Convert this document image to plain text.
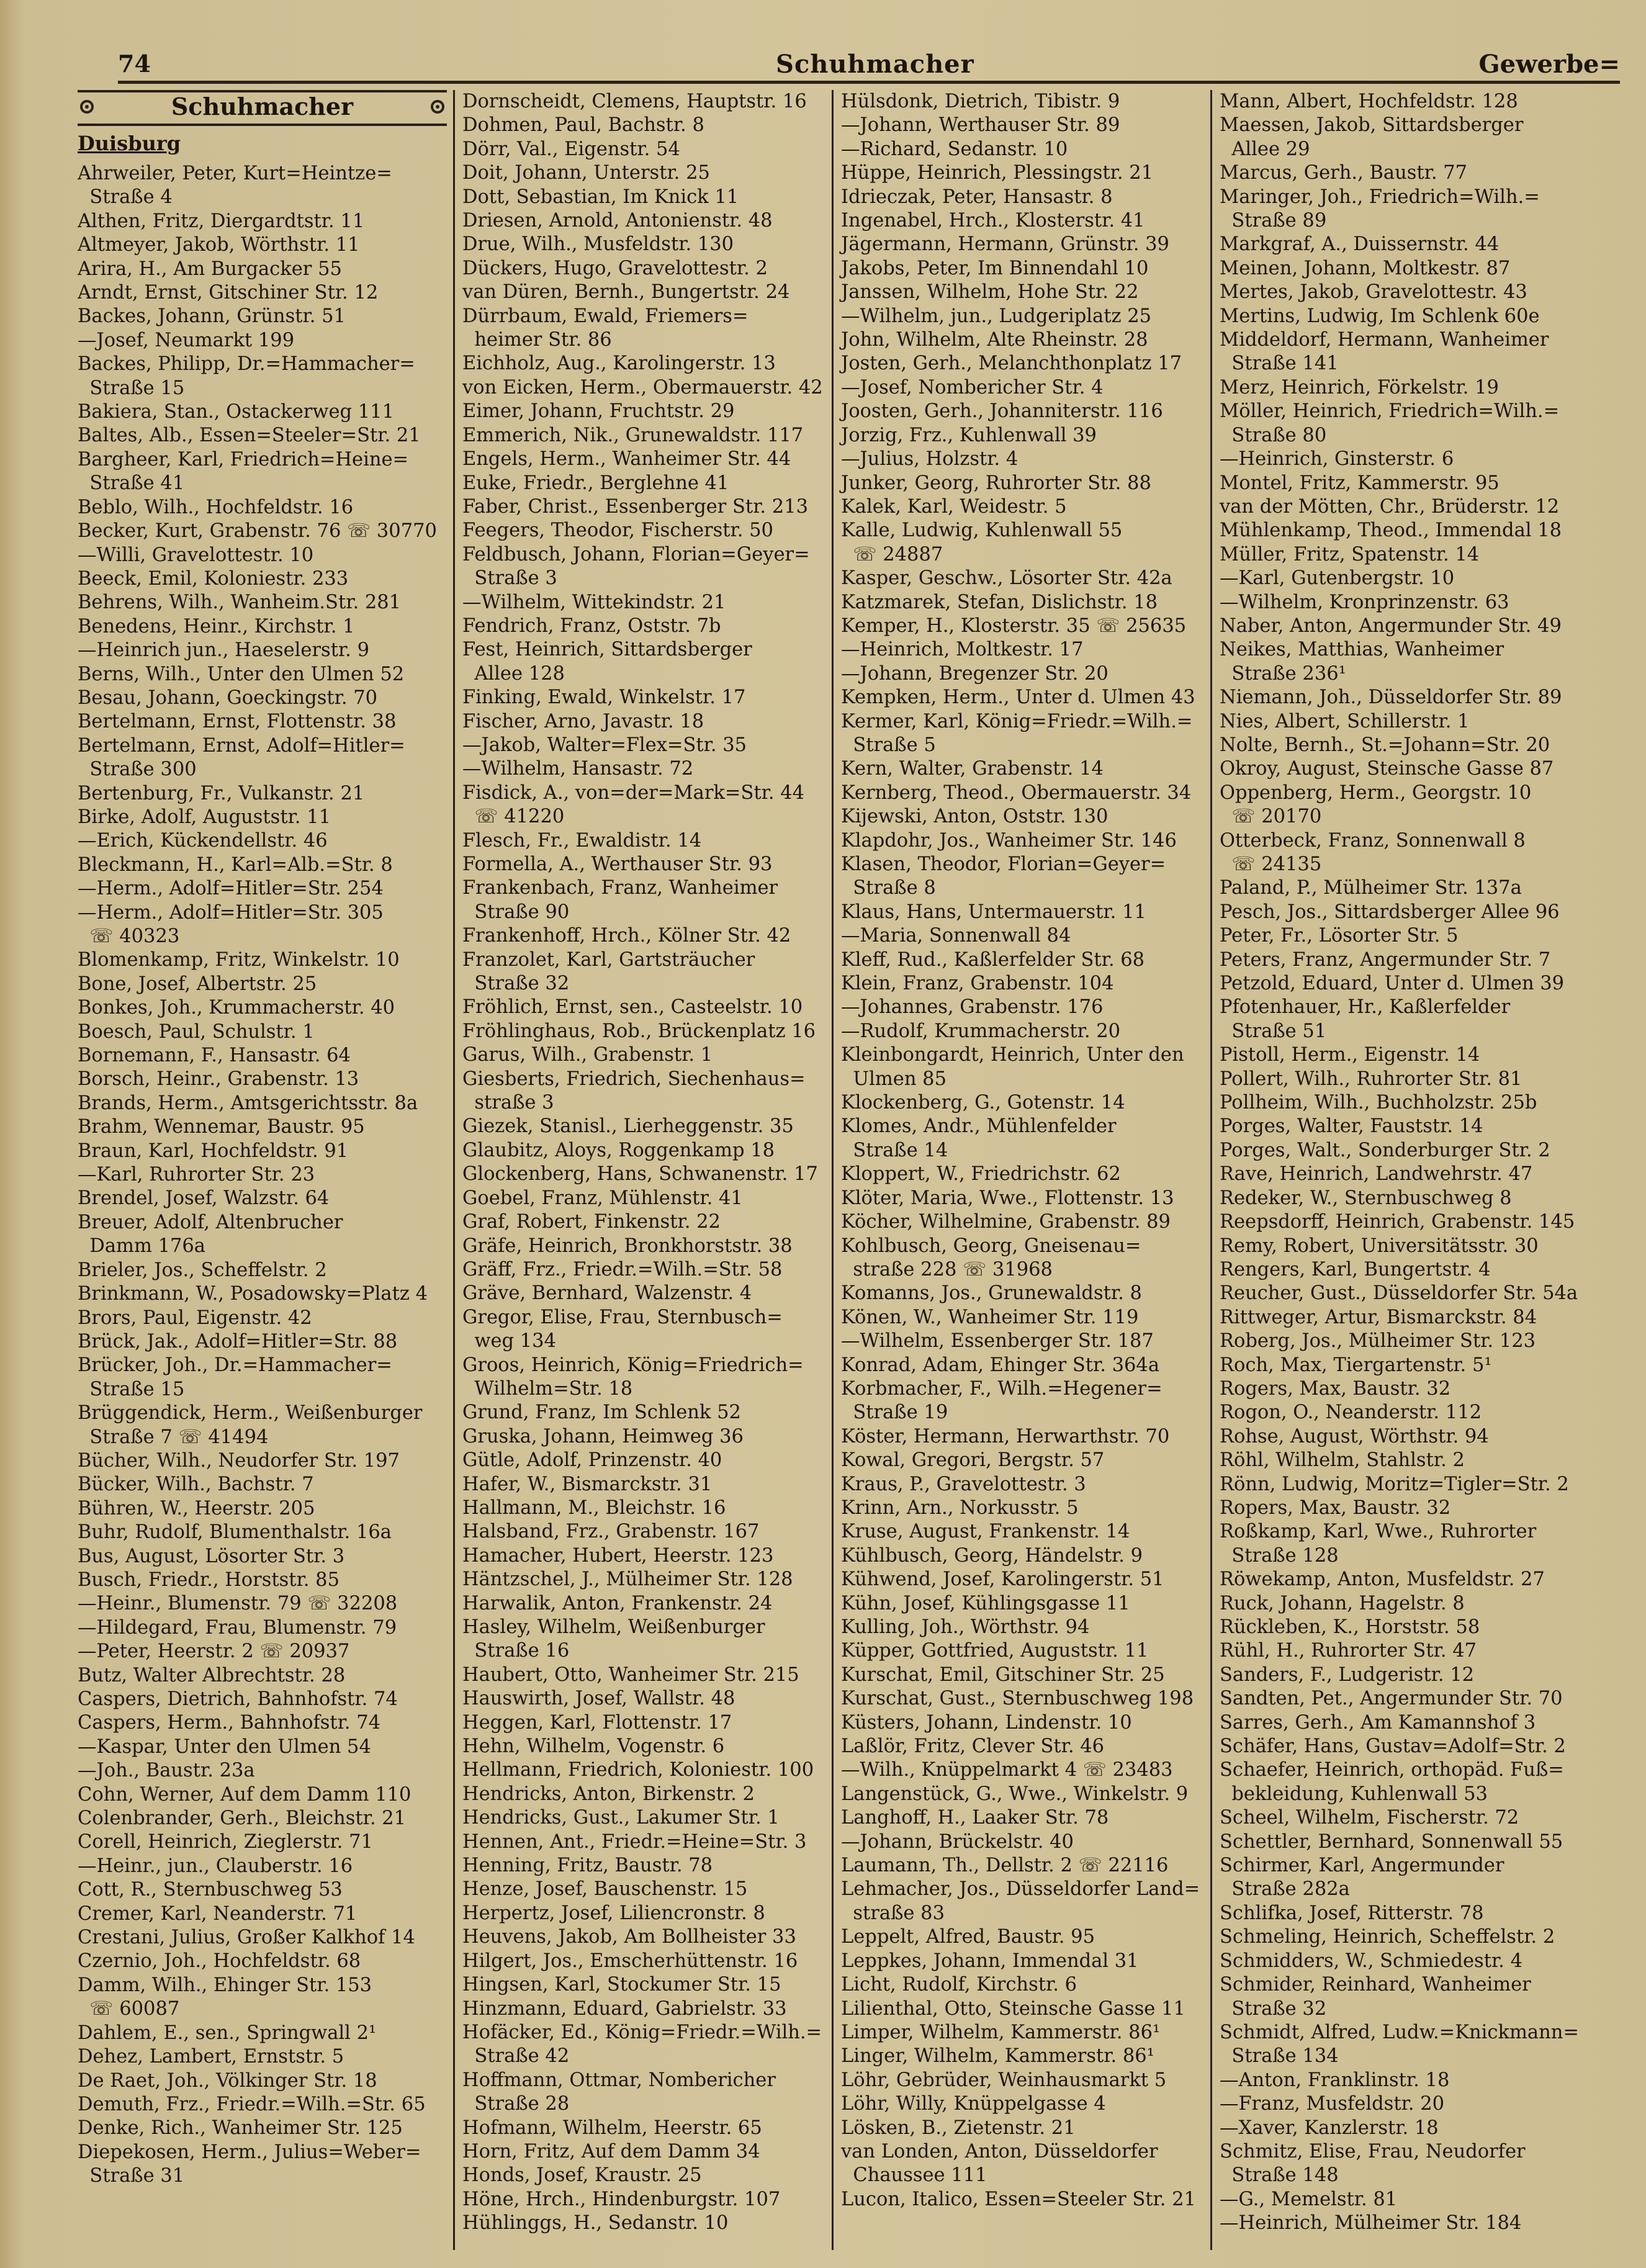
74	Schuhmacher	Gewerbe=
Schuhmacher
Duisburg
Ahrweiler, Peter, Kurt=Heintze=
Straße 4
Althen, Fritz, Diergardtstr. 11
Altmeyer, Jakob, Wörthstr. 11
Arira, H., Am Burgacker 55
Arndt, Ernst, Gitschiner Str. 12
Backes, Johann, Grünstr. 51
—Josef, Neumarkt 199
Backes, Philipp, Dr.=Hammacher=
Straße 15
Bakiera, Stan., Ostackerweg 111
Baltes, Alb., Essen=Steeler=Str. 21
Bargheer, Karl, Friedrich=Heine=
Straße 41
Beblo, Wilh., Hochfeldstr. 16
Becker, Kurt, Grabenstr. 76 ☏ 30770
—Willi, Gravelottestr. 10
Beeck, Emil, Koloniestr. 233
Behrens, Wilh., Wanheim.Str. 281
Benedens, Heinr., Kirchstr. 1
—Heinrich jun., Haeselerstr. 9
Berns, Wilh., Unter den Ulmen 52
Besau, Johann, Goeckingstr. 70
Bertelmann, Ernst, Flottenstr. 38
Bertelmann, Ernst, Adolf=Hitler=
Straße 300
Bertenburg, Fr., Vulkanstr. 21
Birke, Adolf, Auguststr. 11
—Erich, Kückendellstr. 46
Bleckmann, H., Karl=Alb.=Str. 8
—Herm., Adolf=Hitler=Str. 254
—Herm., Adolf=Hitler=Str. 305
☏ 40323
Blomenkamp, Fritz, Winkelstr. 10
Bone, Josef, Albertstr. 25
Bonkes, Joh., Krummacherstr. 40
Boesch, Paul, Schulstr. 1
Bornemann, F., Hansastr. 64
Borsch, Heinr., Grabenstr. 13
Brands, Herm., Amtsgerichtsstr. 8a
Brahm, Wennemar, Baustr. 95
Braun, Karl, Hochfeldstr. 91
—Karl, Ruhrorter Str. 23
Brendel, Josef, Walzstr. 64
Breuer, Adolf, Altenbrucher
Damm 176a
Brieler, Jos., Scheffelstr. 2
Brinkmann, W., Posadowsky=Platz 4
Brors, Paul, Eigenstr. 42
Brück, Jak., Adolf=Hitler=Str. 88
Brücker, Joh., Dr.=Hammacher=
Straße 15
Brüggendick, Herm., Weißenburger
Straße 7 ☏ 41494
Bücher, Wilh., Neudorfer Str. 197
Bücker, Wilh., Bachstr. 7
Bühren, W., Heerstr. 205
Buhr, Rudolf, Blumenthalstr. 16a
Bus, August, Lösorter Str. 3
Busch, Friedr., Horststr. 85
—Heinr., Blumenstr. 79 ☏ 32208
—Hildegard, Frau, Blumenstr. 79
—Peter, Heerstr. 2 ☏ 20937
Butz, Walter Albrechtstr. 28
Caspers, Dietrich, Bahnhofstr. 74
Caspers, Herm., Bahnhofstr. 74
—Kaspar, Unter den Ulmen 54
—Joh., Baustr. 23a
Cohn, Werner, Auf dem Damm 110
Colenbrander, Gerh., Bleichstr. 21
Corell, Heinrich, Zieglerstr. 71
—Heinr., jun., Clauberstr. 16
Cott, R., Sternbuschweg 53
Cremer, Karl, Neanderstr. 71
Crestani, Julius, Großer Kalkhof 14
Czernio, Joh., Hochfeldstr. 68
Damm, Wilh., Ehinger Str. 153
☏ 60087
Dahlem, E., sen., Springwall 2¹
Dehez, Lambert, Ernststr. 5
De Raet, Joh., Völkinger Str. 18
Demuth, Frz., Friedr.=Wilh.=Str. 65
Denke, Rich., Wanheimer Str. 125
Diepekosen, Herm., Julius=Weber=
Straße 31
Dornscheidt, Clemens, Hauptstr. 16
Dohmen, Paul, Bachstr. 8
Dörr, Val., Eigenstr. 54
Doit, Johann, Unterstr. 25
Dott, Sebastian, Im Knick 11
Driesen, Arnold, Antonienstr. 48
Drue, Wilh., Musfeldstr. 130
Dückers, Hugo, Gravelottestr. 2
van Düren, Bernh., Bungertstr. 24
Dürrbaum, Ewald, Friemers=
heimer Str. 86
Eichholz, Aug., Karolingerstr. 13
von Eicken, Herm., Obermauerstr. 42
Eimer, Johann, Fruchtstr. 29
Emmerich, Nik., Grunewaldstr. 117
Engels, Herm., Wanheimer Str. 44
Euke, Friedr., Berglehne 41
Faber, Christ., Essenberger Str. 213
Feegers, Theodor, Fischerstr. 50
Feldbusch, Johann, Florian=Geyer=
Straße 3
—Wilhelm, Wittekindstr. 21
Fendrich, Franz, Oststr. 7b
Fest, Heinrich, Sittardsberger
Allee 128
Finking, Ewald, Winkelstr. 17
Fischer, Arno, Javastr. 18
—Jakob, Walter=Flex=Str. 35
—Wilhelm, Hansastr. 72
Fisdick, A., von=der=Mark=Str. 44
☏ 41220
Flesch, Fr., Ewaldistr. 14
Formella, A., Werthauser Str. 93
Frankenbach, Franz, Wanheimer
Straße 90
Frankenhoff, Hrch., Kölner Str. 42
Franzolet, Karl, Gartsträucher
Straße 32
Fröhlich, Ernst, sen., Casteelstr. 10
Fröhlinghaus, Rob., Brückenplatz 16
Garus, Wilh., Grabenstr. 1
Giesberts, Friedrich, Siechenhaus=
straße 3
Giezek, Stanisl., Lierheggenstr. 35
Glaubitz, Aloys, Roggenkamp 18
Glockenberg, Hans, Schwanenstr. 17
Goebel, Franz, Mühlenstr. 41
Graf, Robert, Finkenstr. 22
Gräfe, Heinrich, Bronkhorststr. 38
Gräff, Frz., Friedr.=Wilh.=Str. 58
Gräve, Bernhard, Walzenstr. 4
Gregor, Elise, Frau, Sternbusch=
weg 134
Groos, Heinrich, König=Friedrich=
Wilhelm=Str. 18
Grund, Franz, Im Schlenk 52
Gruska, Johann, Heimweg 36
Gütle, Adolf, Prinzenstr. 40
Hafer, W., Bismarckstr. 31
Hallmann, M., Bleichstr. 16
Halsband, Frz., Grabenstr. 167
Hamacher, Hubert, Heerstr. 123
Häntzschel, J., Mülheimer Str. 128
Harwalik, Anton, Frankenstr. 24
Hasley, Wilhelm, Weißenburger
Straße 16
Haubert, Otto, Wanheimer Str. 215
Hauswirth, Josef, Wallstr. 48
Heggen, Karl, Flottenstr. 17
Hehn, Wilhelm, Vogenstr. 6
Hellmann, Friedrich, Koloniestr. 100
Hendricks, Anton, Birkenstr. 2
Hendricks, Gust., Lakumer Str. 1
Hennen, Ant., Friedr.=Heine=Str. 3
Henning, Fritz, Baustr. 78
Henze, Josef, Bauschenstr. 15
Herpertz, Josef, Liliencronstr. 8
Heuvens, Jakob, Am Bollheister 33
Hilgert, Jos., Emscherhüttenstr. 16
Hingsen, Karl, Stockumer Str. 15
Hinzmann, Eduard, Gabrielstr. 33
Hofäcker, Ed., König=Friedr.=Wilh.=
Straße 42
Hoffmann, Ottmar, Nombericher
Straße 28
Hofmann, Wilhelm, Heerstr. 65
Horn, Fritz, Auf dem Damm 34
Honds, Josef, Kraustr. 25
Höne, Hrch., Hindenburgstr. 107
Hühlinggs, H., Sedanstr. 10
Hülsdonk, Dietrich, Tibistr. 9
—Johann, Werthauser Str. 89
—Richard, Sedanstr. 10
Hüppe, Heinrich, Plessingstr. 21
Idrieczak, Peter, Hansastr. 8
Ingenabel, Hrch., Klosterstr. 41
Jägermann, Hermann, Grünstr. 39
Jakobs, Peter, Im Binnendahl 10
Janssen, Wilhelm, Hohe Str. 22
—Wilhelm, jun., Ludgeriplatz 25
John, Wilhelm, Alte Rheinstr. 28
Josten, Gerh., Melanchthonplatz 17
—Josef, Nombericher Str. 4
Joosten, Gerh., Johanniterstr. 116
Jorzig, Frz., Kuhlenwall 39
—Julius, Holzstr. 4
Junker, Georg, Ruhrorter Str. 88
Kalek, Karl, Weidestr. 5
Kalle, Ludwig, Kuhlenwall 55
☏ 24887
Kasper, Geschw., Lösorter Str. 42a
Katzmarek, Stefan, Dislichstr. 18
Kemper, H., Klosterstr. 35 ☏ 25635
—Heinrich, Moltkestr. 17
—Johann, Bregenzer Str. 20
Kempken, Herm., Unter d. Ulmen 43
Kermer, Karl, König=Friedr.=Wilh.=
Straße 5
Kern, Walter, Grabenstr. 14
Kernberg, Theod., Obermauerstr. 34
Kijewski, Anton, Oststr. 130
Klapdohr, Jos., Wanheimer Str. 146
Klasen, Theodor, Florian=Geyer=
Straße 8
Klaus, Hans, Untermauerstr. 11
—Maria, Sonnenwall 84
Kleff, Rud., Kaßlerfelder Str. 68
Klein, Franz, Grabenstr. 104
—Johannes, Grabenstr. 176
—Rudolf, Krummacherstr. 20
Kleinbongardt, Heinrich, Unter den
Ulmen 85
Klockenberg, G., Gotenstr. 14
Klomes, Andr., Mühlenfelder
Straße 14
Kloppert, W., Friedrichstr. 62
Klöter, Maria, Wwe., Flottenstr. 13
Köcher, Wilhelmine, Grabenstr. 89
Kohlbusch, Georg, Gneisenau=
straße 228 ☏ 31968
Komanns, Jos., Grunewaldstr. 8
Könen, W., Wanheimer Str. 119
—Wilhelm, Essenberger Str. 187
Konrad, Adam, Ehinger Str. 364a
Korbmacher, F., Wilh.=Hegener=
Straße 19
Köster, Hermann, Herwarthstr. 70
Kowal, Gregori, Bergstr. 57
Kraus, P., Gravelottestr. 3
Krinn, Arn., Norkusstr. 5
Kruse, August, Frankenstr. 14
Kühlbusch, Georg, Händelstr. 9
Kühwend, Josef, Karolingerstr. 51
Kühn, Josef, Kühlingsgasse 11
Kulling, Joh., Wörthstr. 94
Küpper, Gottfried, Auguststr. 11
Kurschat, Emil, Gitschiner Str. 25
Kurschat, Gust., Sternbuschweg 198
Küsters, Johann, Lindenstr. 10
Laßlör, Fritz, Clever Str. 46
—Wilh., Knüppelmarkt 4 ☏ 23483
Langenstück, G., Wwe., Winkelstr. 9
Langhoff, H., Laaker Str. 78
—Johann, Brückelstr. 40
Laumann, Th., Dellstr. 2 ☏ 22116
Lehmacher, Jos., Düsseldorfer Land=
straße 83
Leppelt, Alfred, Baustr. 95
Leppkes, Johann, Immendal 31
Licht, Rudolf, Kirchstr. 6
Lilienthal, Otto, Steinsche Gasse 11
Limper, Wilhelm, Kammerstr. 86¹
Linger, Wilhelm, Kammerstr. 86¹
Löhr, Gebrüder, Weinhausmarkt 5
Löhr, Willy, Knüppelgasse 4
Lösken, B., Zietenstr. 21
van Londen, Anton, Düsseldorfer
Chaussee 111
Lucon, Italico, Essen=Steeler Str. 21
Mann, Albert, Hochfeldstr. 128
Maessen, Jakob, Sittardsberger
Allee 29
Marcus, Gerh., Baustr. 77
Maringer, Joh., Friedrich=Wilh.=
Straße 89
Markgraf, A., Duissernstr. 44
Meinen, Johann, Moltkestr. 87
Mertes, Jakob, Gravelottestr. 43
Mertins, Ludwig, Im Schlenk 60e
Middeldorf, Hermann, Wanheimer
Straße 141
Merz, Heinrich, Förkelstr. 19
Möller, Heinrich, Friedrich=Wilh.=
Straße 80
—Heinrich, Ginsterstr. 6
Montel, Fritz, Kammerstr. 95
van der Mötten, Chr., Brüderstr. 12
Mühlenkamp, Theod., Immendal 18
Müller, Fritz, Spatenstr. 14
—Karl, Gutenbergstr. 10
—Wilhelm, Kronprinzenstr. 63
Naber, Anton, Angermunder Str. 49
Neikes, Matthias, Wanheimer
Straße 236¹
Niemann, Joh., Düsseldorfer Str. 89
Nies, Albert, Schillerstr. 1
Nolte, Bernh., St.=Johann=Str. 20
Okroy, August, Steinsche Gasse 87
Oppenberg, Herm., Georgstr. 10
☏ 20170
Otterbeck, Franz, Sonnenwall 8
☏ 24135
Paland, P., Mülheimer Str. 137a
Pesch, Jos., Sittardsberger Allee 96
Peter, Fr., Lösorter Str. 5
Peters, Franz, Angermunder Str. 7
Petzold, Eduard, Unter d. Ulmen 39
Pfotenhauer, Hr., Kaßlerfelder
Straße 51
Pistoll, Herm., Eigenstr. 14
Pollert, Wilh., Ruhrorter Str. 81
Pollheim, Wilh., Buchholzstr. 25b
Porges, Walter, Fauststr. 14
Porges, Walt., Sonderburger Str. 2
Rave, Heinrich, Landwehrstr. 47
Redeker, W., Sternbuschweg 8
Reepsdorff, Heinrich, Grabenstr. 145
Remy, Robert, Universitätsstr. 30
Rengers, Karl, Bungertstr. 4
Reucher, Gust., Düsseldorfer Str. 54a
Rittweger, Artur, Bismarckstr. 84
Roberg, Jos., Mülheimer Str. 123
Roch, Max, Tiergartenstr. 5¹
Rogers, Max, Baustr. 32
Rogon, O., Neanderstr. 112
Rohse, August, Wörthstr. 94
Röhl, Wilhelm, Stahlstr. 2
Rönn, Ludwig, Moritz=Tigler=Str. 2
Ropers, Max, Baustr. 32
Roßkamp, Karl, Wwe., Ruhrorter
Straße 128
Röwekamp, Anton, Musfeldstr. 27
Ruck, Johann, Hagelstr. 8
Rückleben, K., Horststr. 58
Rühl, H., Ruhrorter Str. 47
Sanders, F., Ludgeristr. 12
Sandten, Pet., Angermunder Str. 70
Sarres, Gerh., Am Kamannshof 3
Schäfer, Hans, Gustav=Adolf=Str. 2
Schaefer, Heinrich, orthopäd. Fuß=
bekleidung, Kuhlenwall 53
Scheel, Wilhelm, Fischerstr. 72
Schettler, Bernhard, Sonnenwall 55
Schirmer, Karl, Angermunder
Straße 282a
Schlifka, Josef, Ritterstr. 78
Schmeling, Heinrich, Scheffelstr. 2
Schmidders, W., Schmiedestr. 4
Schmider, Reinhard, Wanheimer
Straße 32
Schmidt, Alfred, Ludw.=Knickmann=
Straße 134
—Anton, Franklinstr. 18
—Franz, Musfeldstr. 20
—Xaver, Kanzlerstr. 18
Schmitz, Elise, Frau, Neudorfer
Straße 148
—G., Memelstr. 81
—Heinrich, Mülheimer Str. 184
